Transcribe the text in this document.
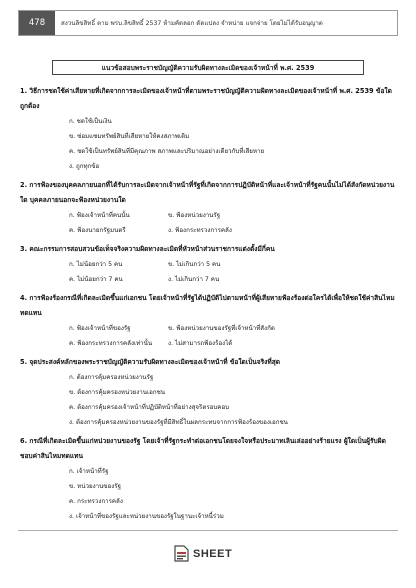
478	สงวนลิขสิทธิ์ ตาม พรบ.ลิขสิทธิ์ 2537 ห้ามคัดลอก ดัดแปลง จำหน่าย แจกจ่าย โดยไม่ได้รับอนุญาต
แนวข้อสอบพระราชบัญญัติความรับผิดทางละเมิดของเจ้าหน้าที่ พ.ศ. 2539
1. วิธีการชดใช้ค่าเสียหายที่เกิดจากการละเมิดของเจ้าหน้าที่ตามพระราชบัญญัติความผิดทางละเมิดของเจ้าหน้าที่ พ.ศ. 2539 ข้อใดถูกต้อง
ก. ชดใช้เป็นเงิน
ข. ซ่อมแซมทรัพย์สินที่เสียหายให้คงสภาพเดิม
ค. ชดใช้เป็นทรัพย์สินที่มีคุณภาพ สภาพและปริมาณอย่างเดียวกับที่เสียหาย
ง. ถูกทุกข้อ
2. การฟ้องของบุคคลภายนอกที่ได้รับการละเมิดจากเจ้าหน้าที่รัฐที่เกิดจากการปฏิบัติหน้าที่และเจ้าหน้าที่รัฐคนนั้นไม่ได้สังกัดหน่วยงานใด บุคคลภายนอกจะฟ้องหน่วยงานใด
ก. ฟ้องเจ้าหน้าที่คนนั้น	ข. ฟ้องหน่วยงานรัฐ
ค. ฟ้องนายกรัฐมนตรี	ง. ฟ้องกระทรวงการคลัง
3. คณะกรรมการสอบสวนข้อเท็จจริงความผิดทางละเมิดที่หัวหน้าส่วนราชการแต่งตั้งมีกี่คน
ก. ไม่น้อยกว่า 5 คน	ข. ไม่เกินกว่า 5 คน
ค. ไม่น้อยกว่า 7 คน	ง. ไม่เกินกว่า 7 คน
4. การฟ้องร้องกรณีที่เกิดละเมิดขึ้นแก่เอกชน โดยเจ้าหน้าที่รัฐได้ปฏิบัติไปตามหน้าที่ผู้เสียหายฟ้องร้องต่อใครได้เพื่อให้ชดใช้ค่าสินไหมทดแทน
ก. ฟ้องเจ้าหน้าที่ของรัฐ	ข. ฟ้องหน่วยงานของรัฐที่เจ้าหน้าที่สังกัด
ค. ฟ้องกระทรวงการคลังเท่านั้น	ง. ไม่สามารถฟ้องร้องได้
5. จุดประสงค์หลักของพระราชบัญญัติความรับผิดทางละเมิดของเจ้าหน้าที่ ข้อใดเป็นจริงที่สุด
ก. ต้องการคุ้มครองหน่วยงานรัฐ
ข. ต้องการคุ้มครองหน่วยงานเอกชน
ค. ต้องการคุ้มครองเจ้าหน้าที่ปฏิบัติหน้าที่อย่างสุจริตรอบคอบ
ง. ต้องการคุ้มครองหน่วยงานของรัฐที่มีสิทธิ์ในผลกระทบจากการฟ้องร้องของเอกชน
6. กรณีที่เกิดละเมิดขึ้นแก่หน่วยงานของรัฐ โดยเจ้าที่รัฐกระทำต่อเอกชนโดยจงใจหรือประมาทเลินเล่ออย่างร้ายแรง ผู้ใดเป็นผู้รับผิดชอบค่าสินไหมทดแทน
ก. เจ้าหน้าที่รัฐ
ข. หน่วยงานของรัฐ
ค. กระทรวงการคลัง
ง. เจ้าหน้าที่ของรัฐและหน่วยงานของรัฐในฐานะเจ้าหนี้ร่วม
SHEET
